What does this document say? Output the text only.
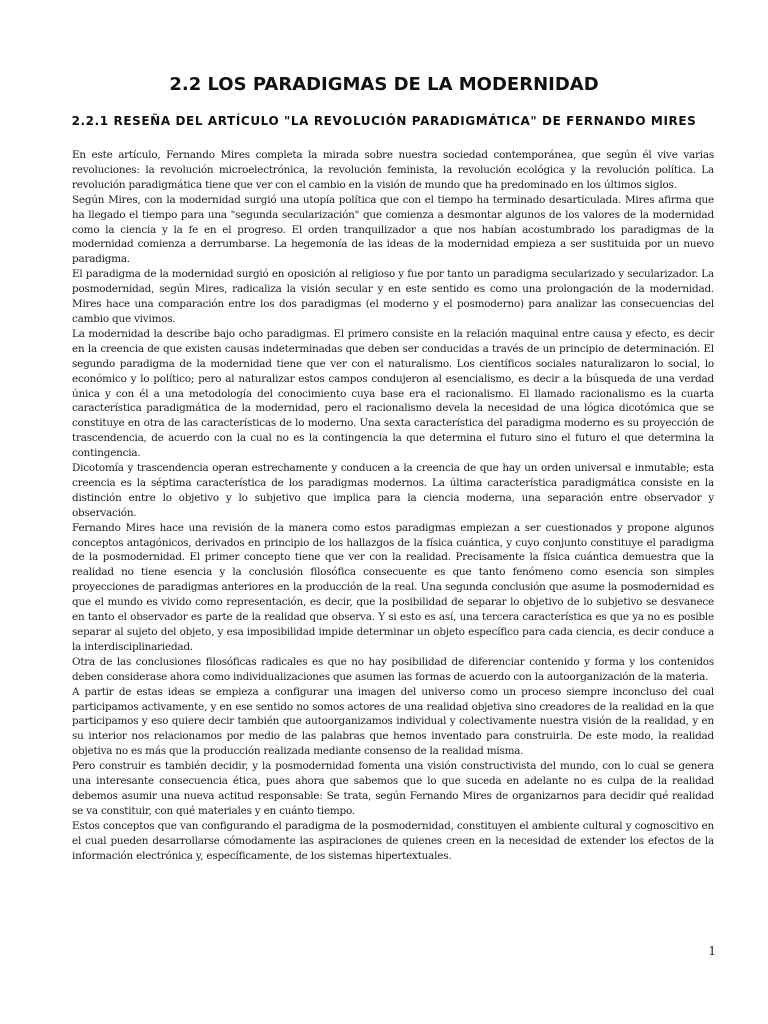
2.2 LOS PARADIGMAS DE LA MODERNIDAD
2.2.1 RESEÑA DEL ARTÍCULO "LA REVOLUCIÓN PARADIGMÁTICA" DE FERNANDO MIRES

En este artículo, Fernando Mires completa la mirada sobre nuestra sociedad contemporánea, que según él vive varias revoluciones: la revolución microelectrónica, la revolución feminista, la revolución ecológica y la revolución política. La revolución paradigmática tiene que ver con el cambio en la visión de mundo que ha predominado en los últimos siglos.

Según Mires, con la modernidad surgió una utopía política que con el tiempo ha terminado desarticulada. Mires afirma que ha llegado el tiempo para una "segunda secularización" que comienza a desmontar algunos de los valores de la modernidad como la ciencia y la fe en el progreso. El orden tranquilizador a que nos habían acostumbrado los paradigmas de la modernidad comienza a derrumbarse. La hegemonía de las ideas de la modernidad empieza a ser sustituida por un nuevo paradigma.

El paradigma de la modernidad surgió en oposición al religioso y fue por tanto un paradigma secularizado y secularizador. La posmodernidad, según Mires, radicaliza la visión secular y en este sentido es como una prolongación de la modernidad. Mires hace una comparación entre los dos paradigmas (el moderno y el posmoderno) para analizar las consecuencias del cambio que vivimos.

La modernidad la describe bajo ocho paradigmas. El primero consiste en la relación maquinal entre causa y efecto, es decir en la creencia de que existen causas indeterminadas que deben ser conducidas a través de un principio de determinación. El segundo paradigma de la modernidad tiene que ver con el naturalismo. Los científicos sociales naturalizaron lo social, lo económico y lo político; pero al naturalizar estos campos condujeron al esencialismo, es decir a la búsqueda de una verdad única y con él a una metodología del conocimiento cuya base era el racionalismo. El llamado racionalismo es la cuarta característica paradigmática de la modernidad, pero el racionalismo devela la necesidad de una lógica dicotómica que se constituye en otra de las características de lo moderno. Una sexta característica del paradigma moderno es su proyección de trascendencia, de acuerdo con la cual no es la contingencia la que determina el futuro sino el futuro el que determina la contingencia.

Dicotomía y trascendencia operan estrechamente y conducen a la creencia de que hay un orden universal e inmutable; esta creencia es la séptima característica de los paradigmas modernos. La última característica paradigmática consiste en la distinción entre lo objetivo y lo subjetivo que implica para la ciencia moderna, una separación entre observador y observación.

Fernando Mires hace una revisión de la manera como estos paradigmas empiezan a ser cuestionados y propone algunos conceptos antagónicos, derivados en principio de los hallazgos de la física cuántica, y cuyo conjunto constituye el paradigma de la posmodernidad. El primer concepto tiene que ver con la realidad. Precisamente la física cuántica demuestra que la realidad no tiene esencia y la conclusión filosófica consecuente es que tanto fenómeno como esencia son simples proyecciones de paradigmas anteriores en la producción de la real. Una segunda conclusión que asume la posmodernidad es que el mundo es vivido como representación, es decir, que la posibilidad de separar lo objetivo de lo subjetivo se desvanece en tanto el observador es parte de la realidad que observa. Y si esto es así, una tercera característica es que ya no es posible separar al sujeto del objeto, y esa imposibilidad impide determinar un objeto específico para cada ciencia, es decir conduce a la interdisciplinariedad.

Otra de las conclusiones filosóficas radicales es que no hay posibilidad de diferenciar contenido y forma y los contenidos deben considerase ahora como individualizaciones que asumen las formas de acuerdo con la autoorganización de la materia.

A partir de estas ideas se empieza a configurar una imagen del universo como un proceso siempre inconcluso del cual participamos activamente, y en ese sentido no somos actores de una realidad objetiva sino creadores de la realidad en la que participamos y eso quiere decir también que autoorganizamos individual y colectivamente nuestra visión de la realidad, y en su interior nos relacionamos por medio de las palabras que hemos inventado para construirla. De este modo, la realidad objetiva no es más que la producción realizada mediante consenso de la realidad misma.

Pero construir es también decidir, y la posmodernidad fomenta una visión constructivista del mundo, con lo cual se genera una interesante consecuencia ética, pues ahora que sabemos que lo que suceda en adelante no es culpa de la realidad debemos asumir una nueva actitud responsable: Se trata, según Fernando Mires de organizarnos para decidir qué realidad se va constituir, con qué materiales y en cuánto tiempo.

Estos conceptos que van configurando el paradigma de la posmodernidad, constituyen el ambiente cultural y cognoscitivo en el cual pueden desarrollarse cómodamente las aspiraciones de quienes creen en la necesidad de extender los efectos de la información electrónica y, específicamente, de los sistemas hipertextuales.

1
